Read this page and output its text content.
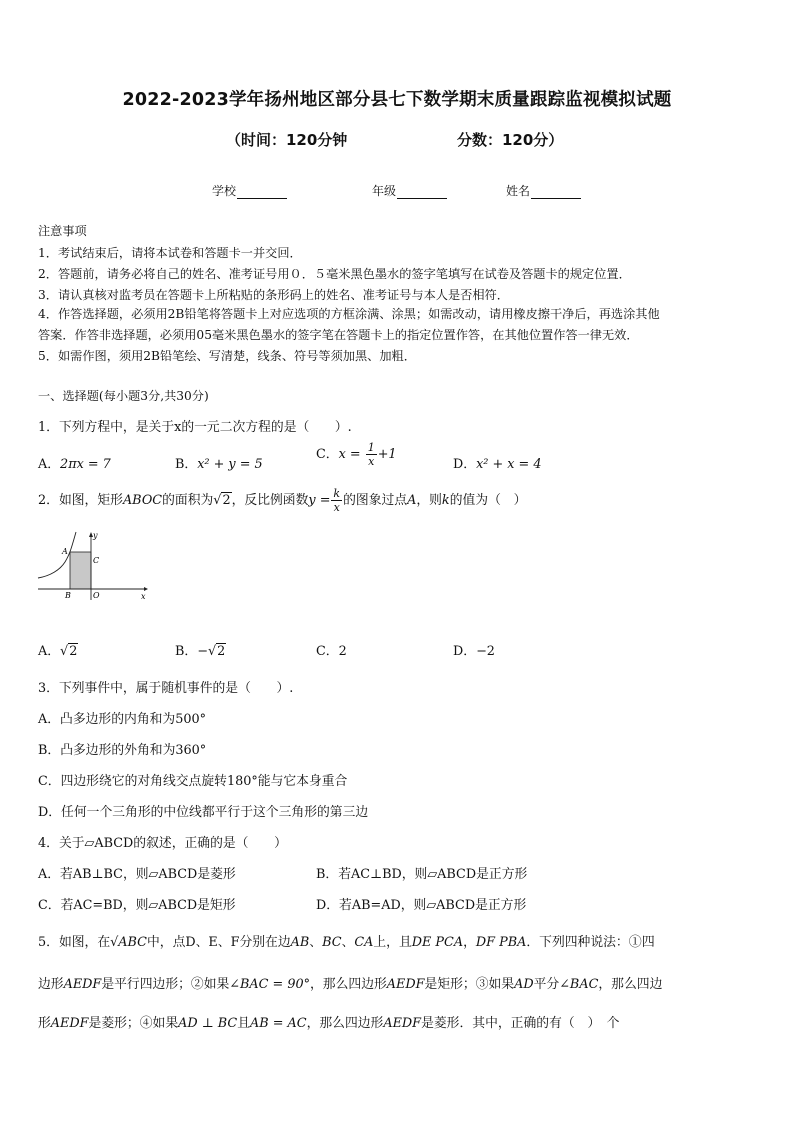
2022-2023学年扬州地区部分县七下数学期末质量跟踪监视模拟试题
（时间：120分钟	分数：120分）
学校	年级	姓名
注意事项
1．考试结束后，请将本试卷和答题卡一并交回．
2．答题前，请务必将自己的姓名、准考证号用０．５毫米黑色墨水的签字笔填写在试卷及答题卡的规定位置．
3．请认真核对监考员在答题卡上所粘贴的条形码上的姓名、准考证号与本人是否相符．
4．作答选择题，必须用2B铅笔将答题卡上对应选项的方框涂满、涂黑；如需改动，请用橡皮擦干净后，再选涂其他
答案．作答非选择题，必须用05毫米黑色墨水的签字笔在答题卡上的指定位置作答，在其他位置作答一律无效．
5．如需作图，须用2B铅笔绘、写清楚，线条、符号等须加黑、加粗．
一、选择题(每小题3分,共30分)
1．下列方程中，是关于x的一元二次方程的是（　　）.
A．2πx = 7	B．x² + y = 5
C．$x = \frac{1}{x} +1$
D．x² + x = 4
2．如图，矩形ABOC的面积为√2，反比例函数$y = \frac{k}{x}$ 的图象过点A，则k的值为（　）
y
A
C
B	O	x
A．√2	B．−√2	C．2	D．−2
3．下列事件中，属于随机事件的是（　　）.
A．凸多边形的内角和为500°
B．凸多边形的外角和为360°
C．四边形绕它的对角线交点旋转180°能与它本身重合
D．任何一个三角形的中位线都平行于这个三角形的第三边
4．关于▱ABCD的叙述，正确的是（　　）
A．若AB⊥BC，则▱ABCD是菱形	B．若AC⊥BD，则▱ABCD是正方形
C．若AC=BD，则▱ABCD是矩形	D．若AB=AD，则▱ABCD是正方形
5．如图，在√ABC中，点D、E、F分别在边AB、BC、CA上，且DE PCA，DF PBA．下列四种说法：①四
边形AEDF是平行四边形；②如果∠BAC = 90°，那么四边形AEDF是矩形；③如果AD平分∠BAC，那么四边
形AEDF是菱形；④如果AD ⊥ BC且AB = AC，那么四边形AEDF是菱形．其中，正确的有（　）　个
